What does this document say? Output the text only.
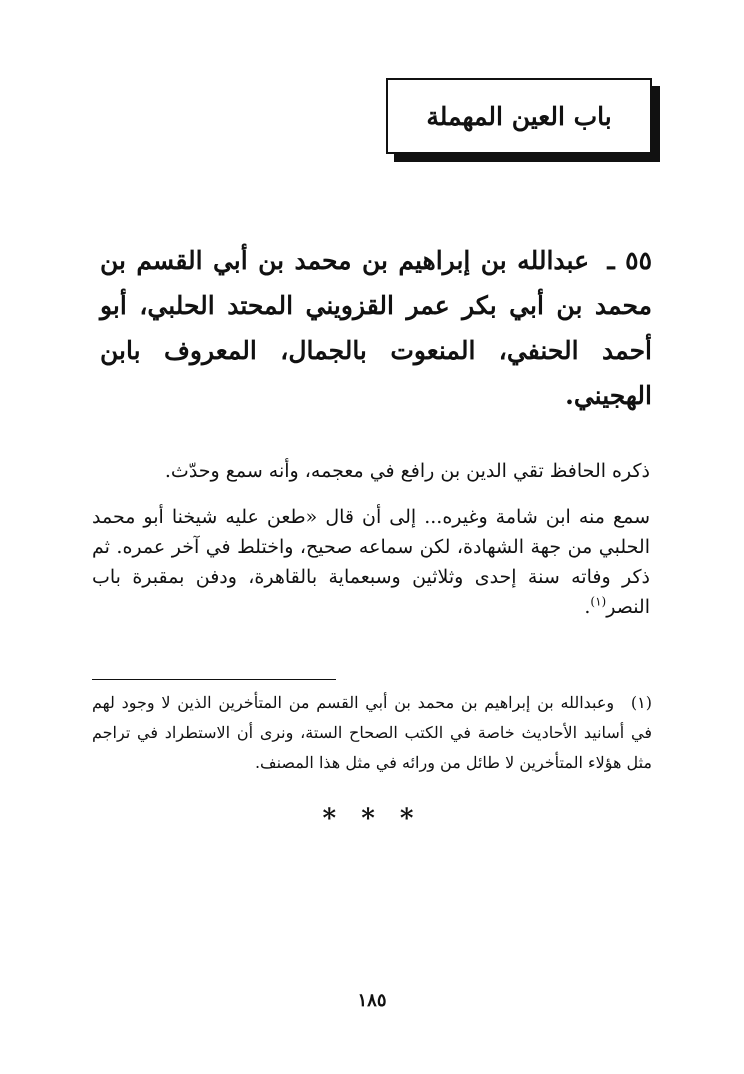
باب العين المهملة
٥٥ ـ عبدالله بن إبراهيم بن محمد بن أبي القسم بن محمد بن أبي بكر عمر القزويني المحتد الحلبي، أبو أحمد الحنفي، المنعوت بالجمال، المعروف بابن الهجيني.
ذكره الحافظ تقي الدين بن رافع في معجمه، وأنه سمع وحدّث.
سمع منه ابن شامة وغيره... إلى أن قال «طعن عليه شيخنا أبو محمد الحلبي من جهة الشهادة، لكن سماعه صحيح، واختلط في آخر عمره. ثم ذكر وفاته سنة إحدى وثلاثين وسبعماية بالقاهرة، ودفن بمقبرة باب النصر$^{(١)}$.
(١) وعبدالله بن إبراهيم بن محمد بن أبي القسم من المتأخرين الذين لا وجود لهم في أسانيد الأحاديث خاصة في الكتب الصحاح الستة، ونرى أن الاستطراد في تراجم مثل هؤلاء المتأخرين لا طائل من ورائه في مثل هذا المصنف.
* * *
١٨٥
